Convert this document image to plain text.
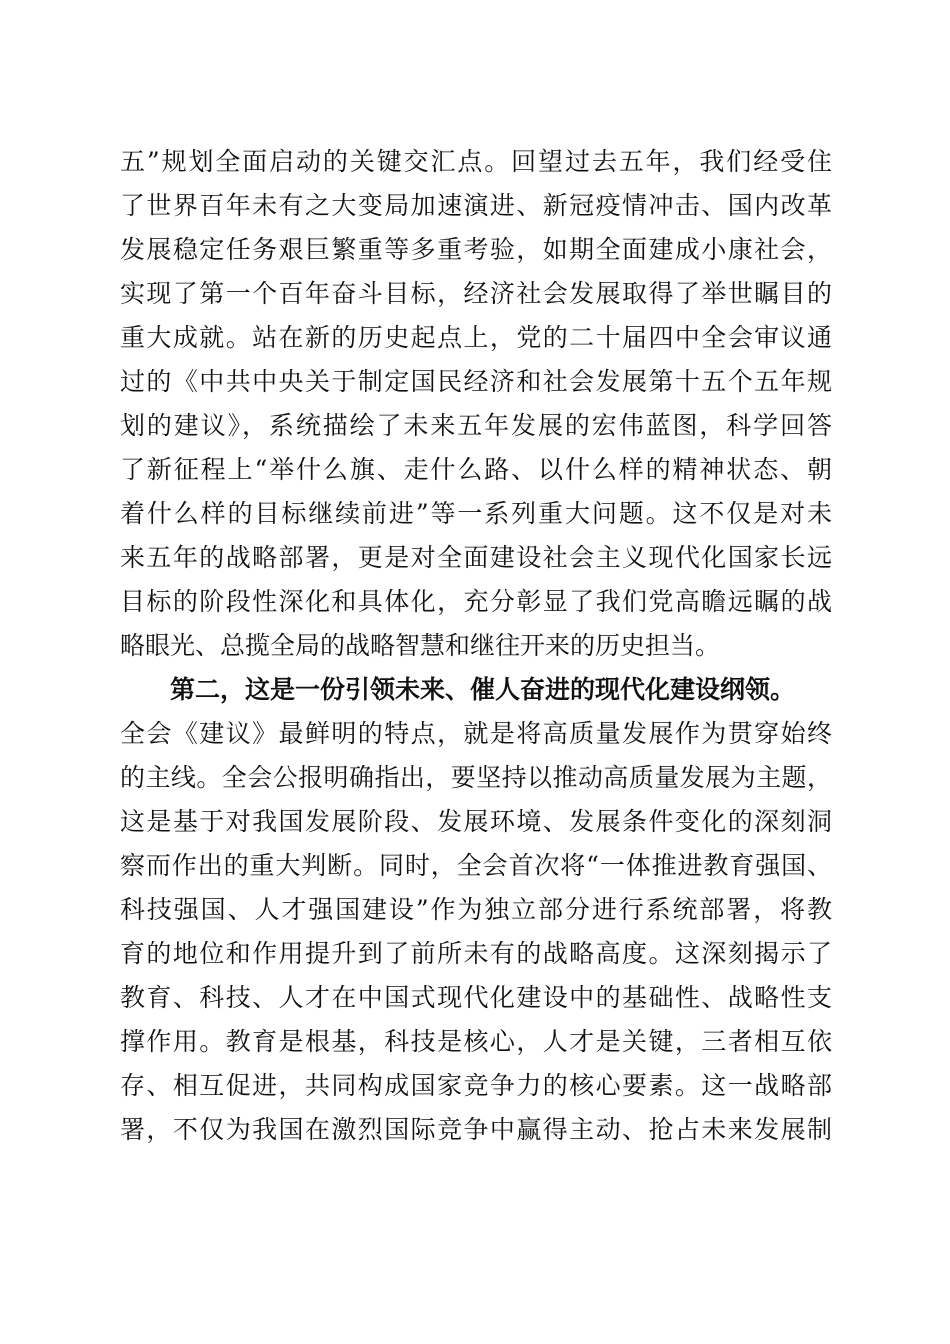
五”规划全面启动的关键交汇点。回望过去五年，我们经受住
了世界百年未有之大变局加速演进、新冠疫情冲击、国内改革
发展稳定任务艰巨繁重等多重考验，如期全面建成小康社会，
实现了第一个百年奋斗目标，经济社会发展取得了举世瞩目的
重大成就。站在新的历史起点上，党的二十届四中全会审议通
过的《中共中央关于制定国民经济和社会发展第十五个五年规
划的建议》，系统描绘了未来五年发展的宏伟蓝图，科学回答
了新征程上“举什么旗、走什么路、以什么样的精神状态、朝
着什么样的目标继续前进”等一系列重大问题。这不仅是对未
来五年的战略部署，更是对全面建设社会主义现代化国家长远
目标的阶段性深化和具体化，充分彰显了我们党高瞻远瞩的战
略眼光、总揽全局的战略智慧和继往开来的历史担当。
第二，这是一份引领未来、催人奋进的现代化建设纲领。
全会《建议》最鲜明的特点，就是将高质量发展作为贯穿始终
的主线。全会公报明确指出，要坚持以推动高质量发展为主题，
这是基于对我国发展阶段、发展环境、发展条件变化的深刻洞
察而作出的重大判断。同时，全会首次将“一体推进教育强国、
科技强国、人才强国建设”作为独立部分进行系统部署，将教
育的地位和作用提升到了前所未有的战略高度。这深刻揭示了
教育、科技、人才在中国式现代化建设中的基础性、战略性支
撑作用。教育是根基，科技是核心，人才是关键，三者相互依
存、相互促进，共同构成国家竞争力的核心要素。这一战略部
署，不仅为我国在激烈国际竞争中赢得主动、抢占未来发展制
